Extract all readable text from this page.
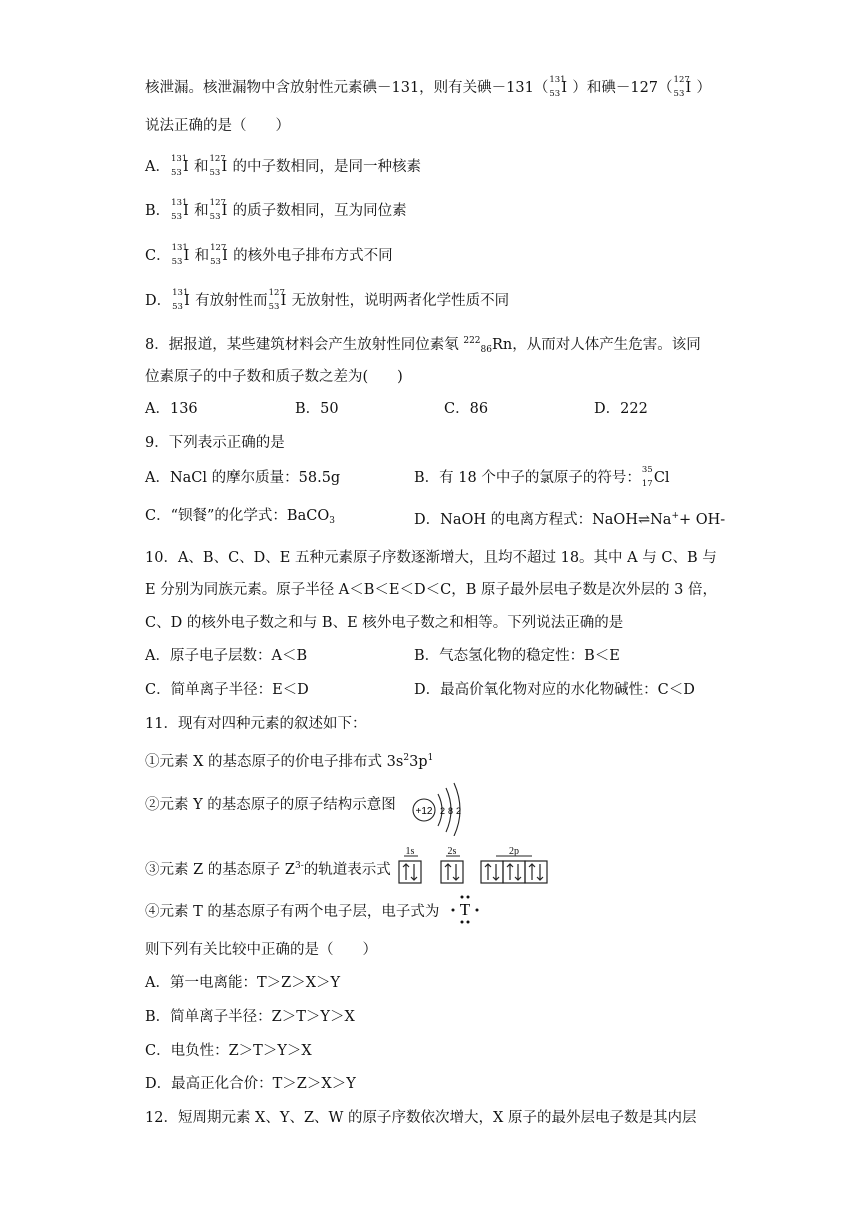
核泄漏。核泄漏物中含放射性元素碘－131，则有关碘－131（ 131
53 I ）和碘－127（ 127
53 I ）
说法正确的是（　　）
A． 131
53 I 和 127
53 I 的中子数相同，是同一种核素
B． 131
53 I 和 127
53 I 的质子数相同，互为同位素
C． 131
53 I 和 127
53 I 的核外电子排布方式不同
D． 131
53 I 有放射性而 127
53 I 无放射性，说明两者化学性质不同
8．据报道，某些建筑材料会产生放射性同位素氡 $^{222}_{86}$Rn，从而对人体产生危害。该同
位素原子的中子数和质子数之差为(　　)
A．136	B．50	C．86	D．222
9．下列表示正确的是
A．NaCl 的摩尔质量：58.5g	B．有 18 个中子的氯原子的符号： 35
17 Cl
C．“钡餐”的化学式：BaCO$_3$	D．NaOH 的电离方程式：NaOH⇌Na++ OH-
10．A、B、C、D、E 五种元素原子序数逐渐增大，且均不超过 18。其中 A 与 C、B 与
E 分别为同族元素。原子半径 A＜B＜E＜D＜C，B 原子最外层电子数是次外层的 3 倍，
C、D 的核外电子数之和与 B、E 核外电子数之和相等。下列说法正确的是
A．原子电子层数：A＜B	B．气态氢化物的稳定性：B＜E
C．简单离子半径：E＜D	D．最高价氧化物对应的水化物碱性：C＜D
11．现有对四种元素的叙述如下：
①元素 X 的基态原子的价电子排布式 $3s^23p^1$
②元素 Y 的基态原子的原子结构示意图 +12 2 8 2
③元素 Z 的基态原子 $Z^{3-}$的轨道表示式
1s	2s	2p
④元素 T 的基态原子有两个电子层，电子式为 T
则下列有关比较中正确的是（　　）
A．第一电离能：T＞Z＞X＞Y
B．简单离子半径：Z＞T＞Y＞X
C．电负性：Z＞T＞Y＞X
D．最高正化合价：T＞Z＞X＞Y
12．短周期元素 X、Y、Z、W 的原子序数依次增大，X 原子的最外层电子数是其内层
